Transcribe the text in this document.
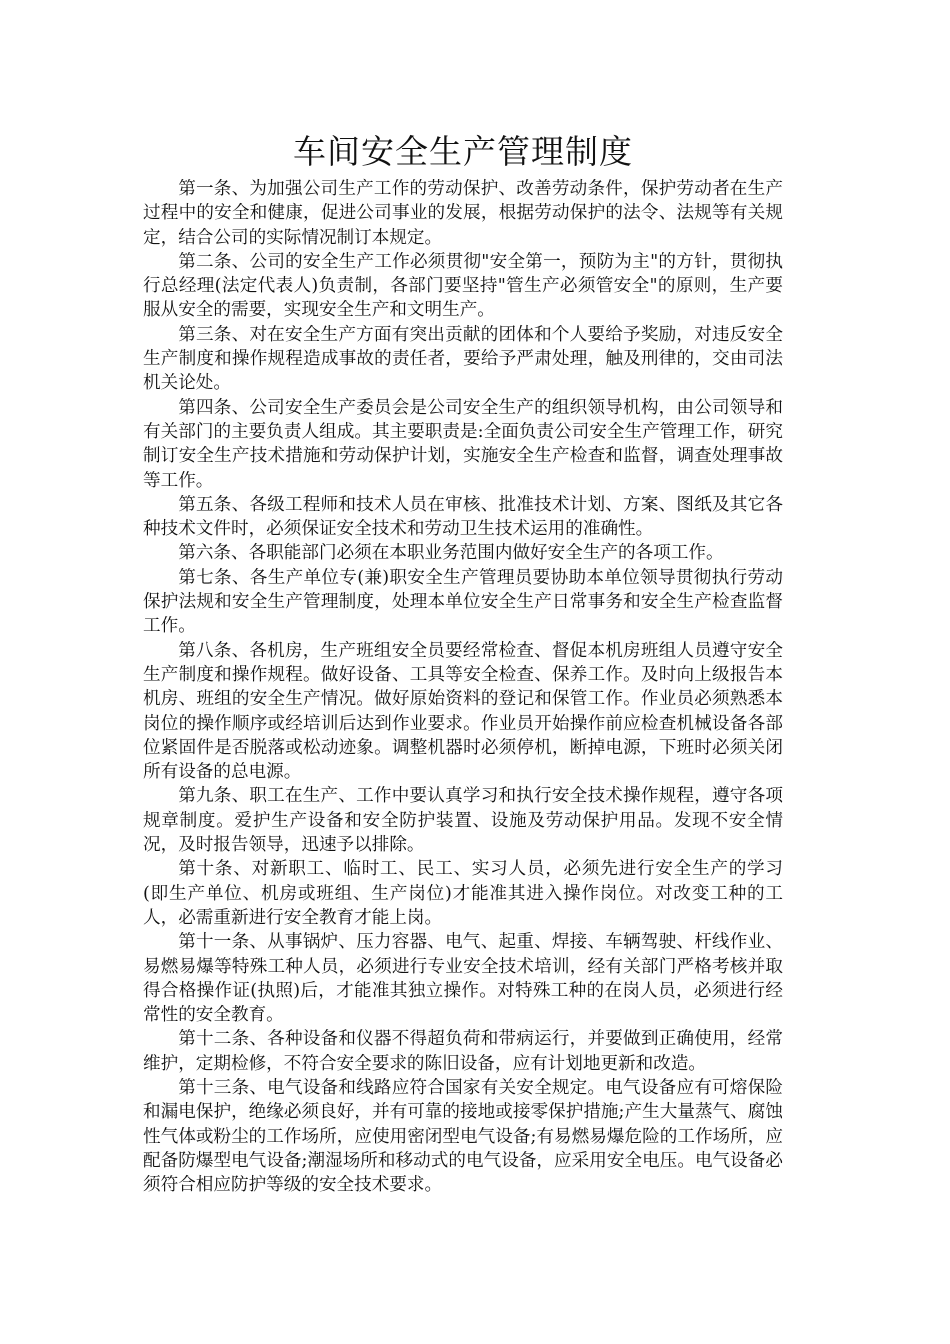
车间安全生产管理制度

第一条、为加强公司生产工作的劳动保护、改善劳动条件，保护劳动者在生产过程中的安全和健康，促进公司事业的发展，根据劳动保护的法令、法规等有关规定，结合公司的实际情况制订本规定。

第二条、公司的安全生产工作必须贯彻"安全第一，预防为主"的方针，贯彻执行总经理(法定代表人)负责制，各部门要坚持"管生产必须管安全"的原则，生产要服从安全的需要，实现安全生产和文明生产。

第三条、对在安全生产方面有突出贡献的团体和个人要给予奖励，对违反安全生产制度和操作规程造成事故的责任者，要给予严肃处理，触及刑律的，交由司法机关论处。

第四条、公司安全生产委员会是公司安全生产的组织领导机构，由公司领导和有关部门的主要负责人组成。其主要职责是:全面负责公司安全生产管理工作，研究制订安全生产技术措施和劳动保护计划，实施安全生产检查和监督，调查处理事故等工作。

第五条、各级工程师和技术人员在审核、批准技术计划、方案、图纸及其它各种技术文件时，必须保证安全技术和劳动卫生技术运用的准确性。

第六条、各职能部门必须在本职业务范围内做好安全生产的各项工作。

第七条、各生产单位专(兼)职安全生产管理员要协助本单位领导贯彻执行劳动保护法规和安全生产管理制度，处理本单位安全生产日常事务和安全生产检查监督工作。

第八条、各机房，生产班组安全员要经常检查、督促本机房班组人员遵守安全生产制度和操作规程。做好设备、工具等安全检查、保养工作。及时向上级报告本机房、班组的安全生产情况。做好原始资料的登记和保管工作。作业员必须熟悉本岗位的操作顺序或经培训后达到作业要求。作业员开始操作前应检查机械设备各部位紧固件是否脱落或松动迹象。调整机器时必须停机，断掉电源，下班时必须关闭所有设备的总电源。

第九条、职工在生产、工作中要认真学习和执行安全技术操作规程，遵守各项规章制度。爱护生产设备和安全防护装置、设施及劳动保护用品。发现不安全情况，及时报告领导，迅速予以排除。

第十条、对新职工、临时工、民工、实习人员，必须先进行安全生产的学习(即生产单位、机房或班组、生产岗位)才能准其进入操作岗位。对改变工种的工人，必需重新进行安全教育才能上岗。

第十一条、从事锅炉、压力容器、电气、起重、焊接、车辆驾驶、杆线作业、易燃易爆等特殊工种人员，必须进行专业安全技术培训，经有关部门严格考核并取得合格操作证(执照)后，才能准其独立操作。对特殊工种的在岗人员，必须进行经常性的安全教育。

第十二条、各种设备和仪器不得超负荷和带病运行，并要做到正确使用，经常维护，定期检修，不符合安全要求的陈旧设备，应有计划地更新和改造。

第十三条、电气设备和线路应符合国家有关安全规定。电气设备应有可熔保险和漏电保护，绝缘必须良好，并有可靠的接地或接零保护措施;产生大量蒸气、腐蚀性气体或粉尘的工作场所，应使用密闭型电气设备;有易燃易爆危险的工作场所，应配备防爆型电气设备;潮湿场所和移动式的电气设备，应采用安全电压。电气设备必须符合相应防护等级的安全技术要求。
